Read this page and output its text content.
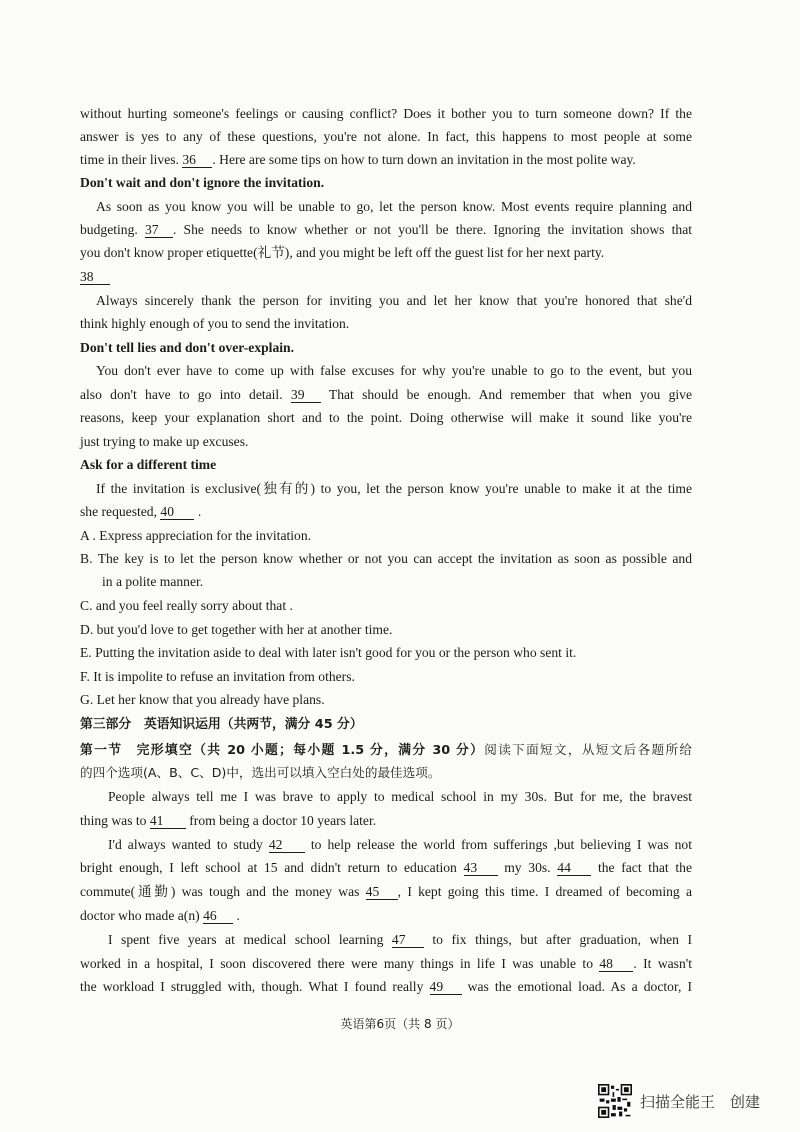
without hurting someone's feelings or causing conflict? Does it bother you to turn someone down? If the
answer is yes to any of these questions, you're not alone. In fact, this happens to most people at some
time in their lives. 36 . Here are some tips on how to turn down an invitation in the most polite way.
Don't wait and don't ignore the invitation.
As soon as you know you will be unable to go, let the person know. Most events require planning and
budgeting. 37 . She needs to know whether or not you'll be there. Ignoring the invitation shows that
you don't know proper etiquette(礼节), and you might be left off the guest list for her next party.
38
Always sincerely thank the person for inviting you and let her know that you're honored that she'd
think highly enough of you to send the invitation.
Don't tell lies and don't over-explain.
You don't ever have to come up with false excuses for why you're unable to go to the event, but you
also don't have to go into detail. 39 That should be enough. And remember that when you give
reasons, keep your explanation short and to the point. Doing otherwise will make it sound like you're
just trying to make up excuses.
Ask for a different time
If the invitation is exclusive(独有的) to you, let the person know you're unable to make it at the time
she requested, 40 .
A . Express appreciation for the invitation.
B. The key is to let the person know whether or not you can accept the invitation as soon as possible and
in a polite manner.
C. and you feel really sorry about that .
D. but you'd love to get together with her at another time.
E. Putting the invitation aside to deal with later isn't good for you or the person who sent it.
F. It is impolite to refuse an invitation from others.
G. Let her know that you already have plans.
第三部分　英语知识运用（共两节，满分 45 分）
第一节　完形填空（共 20 小题；每小题 1.5 分，满分 30 分）阅读下面短文，从短文后各题所给
的四个选项(A、B、C、D)中，选出可以填入空白处的最佳选项。
People always tell me I was brave to apply to medical school in my 30s. But for me, the bravest
thing was to 41 from being a doctor 10 years later.
I'd always wanted to study 42 to help release the world from sufferings ,but believing I was not
bright enough, I left school at 15 and didn't return to education 43 my 30s. 44 the fact that the
commute(通勤) was tough and the money was 45 , I kept going this time. I dreamed of becoming a
doctor who made a(n) 46 .
I spent five years at medical school learning 47 to fix things, but after graduation, when I
worked in a hospital, I soon discovered there were many things in life I was unable to 48 . It wasn't
the workload I struggled with, though. What I found really 49 was the emotional load. As a doctor, I
英语第6页（共 8 页）
扫描全能王　创建
